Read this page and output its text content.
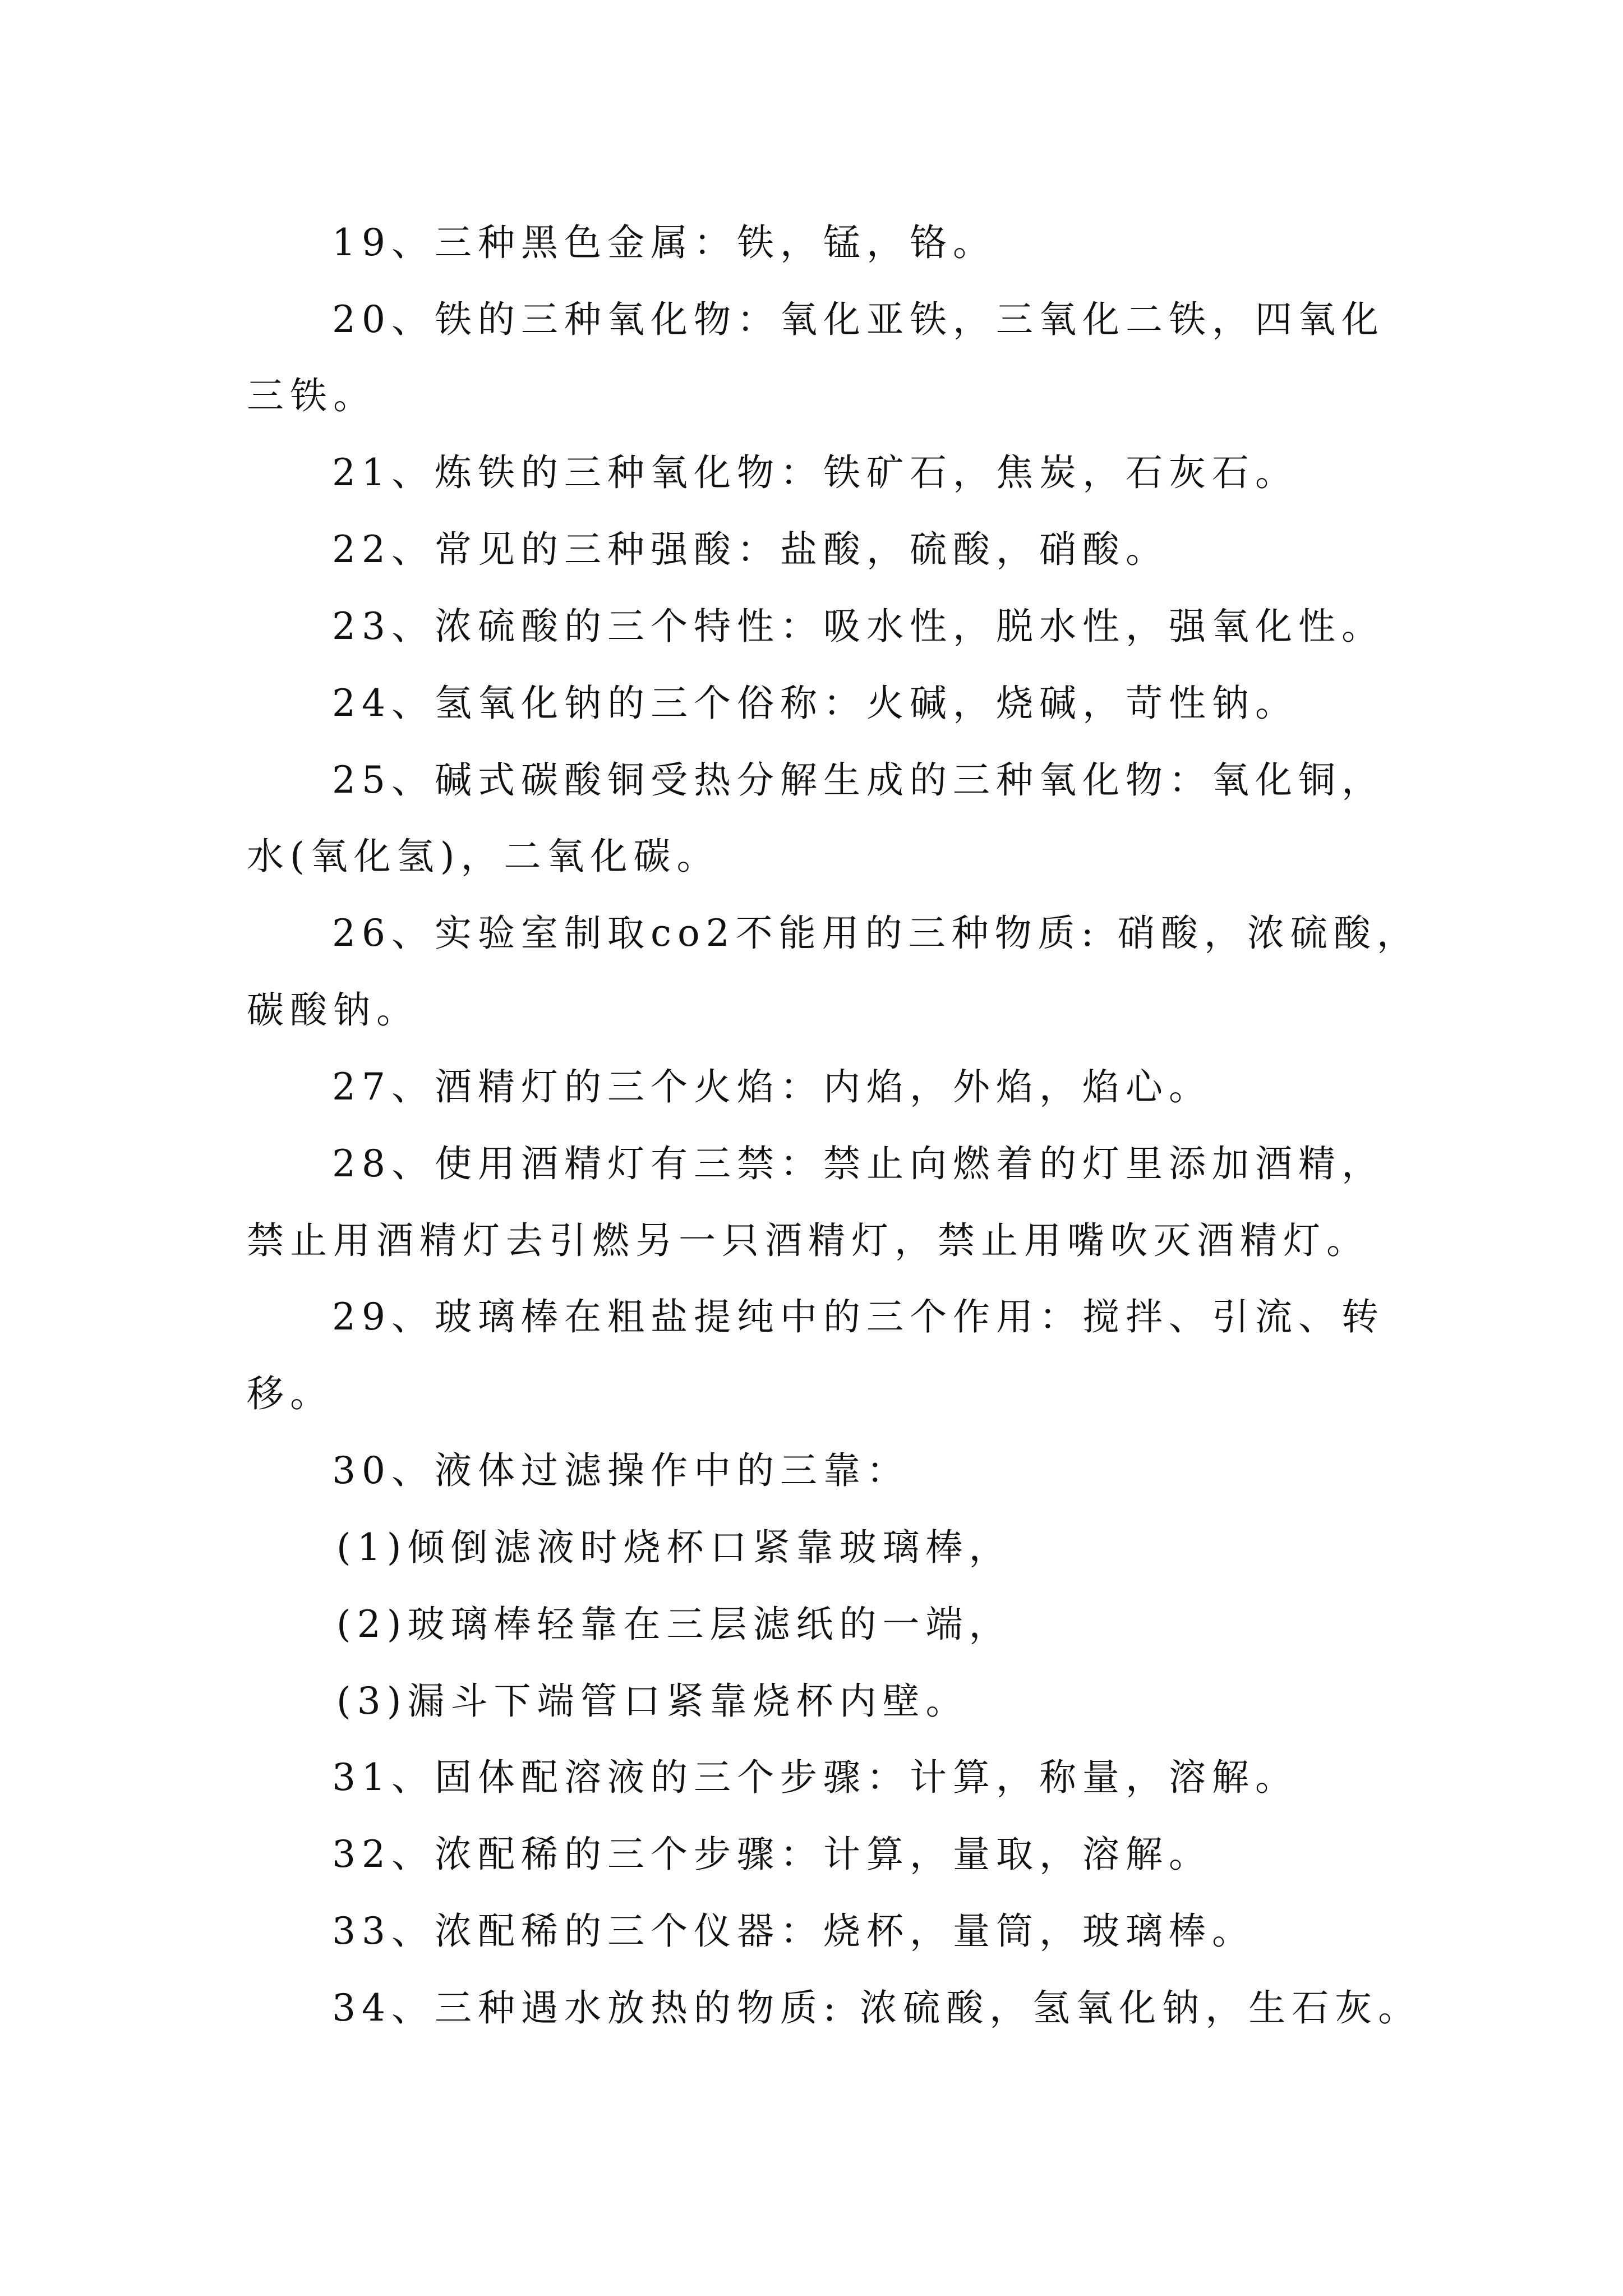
19、三种黑色金属：铁，锰，铬。

20、铁的三种氧化物：氧化亚铁，三氧化二铁，四氧化

三铁。

21、炼铁的三种氧化物：铁矿石，焦炭，石灰石。

22、常见的三种强酸：盐酸，硫酸，硝酸。

23、浓硫酸的三个特性：吸水性，脱水性，强氧化性。

24、氢氧化钠的三个俗称：火碱，烧碱，苛性钠。

25、碱式碳酸铜受热分解生成的三种氧化物：氧化铜，

水(氧化氢)，二氧化碳。

26、实验室制取co2不能用的三种物质: 硝酸，浓硫酸，

碳酸钠。

27、酒精灯的三个火焰：内焰，外焰，焰心。

28、使用酒精灯有三禁：禁止向燃着的灯里添加酒精，

禁止用酒精灯去引燃另一只酒精灯，禁止用嘴吹灭酒精灯。

29、玻璃棒在粗盐提纯中的三个作用：搅拌、引流、转

移。

30、液体过滤操作中的三靠：

(1)倾倒滤液时烧杯口紧靠玻璃棒，

(2)玻璃棒轻靠在三层滤纸的一端，

(3)漏斗下端管口紧靠烧杯内壁。

31、固体配溶液的三个步骤：计算，称量，溶解。

32、浓配稀的三个步骤：计算，量取，溶解。

33、浓配稀的三个仪器：烧杯，量筒，玻璃棒。

34、三种遇水放热的物质: 浓硫酸，氢氧化钠，生石灰。
